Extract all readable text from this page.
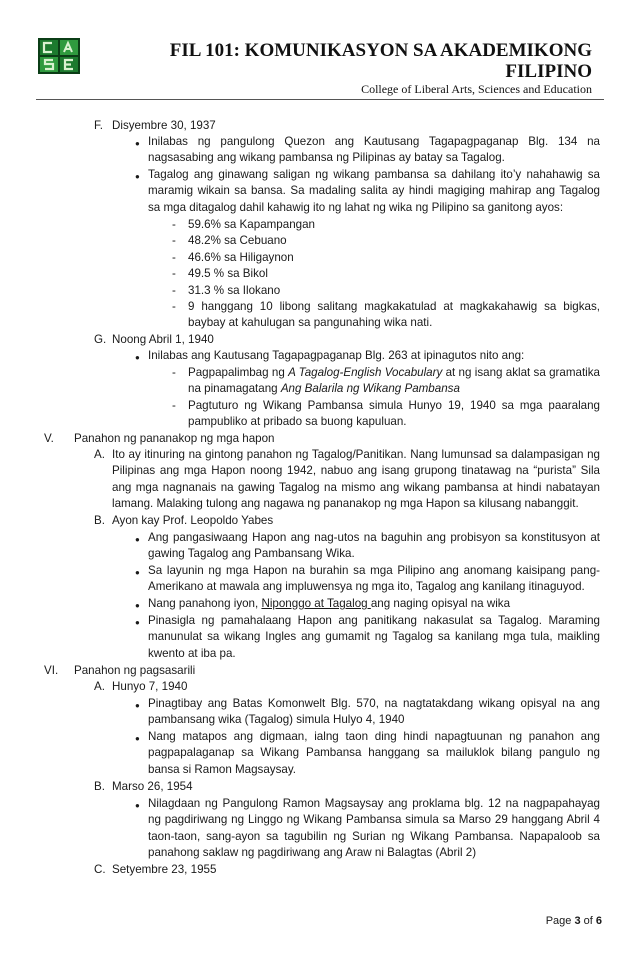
FIL 101: KOMUNIKASYON SA AKADEMIKONG
FILIPINO
College of Liberal Arts, Sciences and Education
F. Disyembre 30, 1937
● Inilabas ng pangulong Quezon ang Kautusang Tagapagpaganap Blg. 134 na nagsasabing ang wikang pambansa ng Pilipinas ay batay sa Tagalog.
● Tagalog ang ginawang saligan ng wikang pambansa sa dahilang ito’y nahahawig sa maramig wikain sa bansa. Sa madaling salita ay hindi magiging mahirap ang Tagalog sa mga ditagalog dahil kahawig ito ng lahat ng wika ng Pilipino sa ganitong ayos:
- 59.6% sa Kapampangan
- 48.2% sa Cebuano
- 46.6% sa Hiligaynon
- 49.5 % sa Bikol
- 31.3 % sa Ilokano
- 9 hanggang 10 libong salitang magkakatulad at magkakahawig sa bigkas, baybay at kahulugan sa pangunahing wika nati.
G. Noong Abril 1, 1940
● Inilabas ang Kautusang Tagapagpaganap Blg. 263 at ipinagutos nito ang:
- Pagpapalimbag ng A Tagalog-English Vocabulary at ng isang aklat sa gramatika na pinamagatang Ang Balarila ng Wikang Pambansa
- Pagtuturo ng Wikang Pambansa simula Hunyo 19, 1940 sa mga paaralang pampubliko at pribado sa buong kapuluan.
V. Panahon ng pananakop ng mga hapon
A. Ito ay itinuring na gintong panahon ng Tagalog/Panitikan. Nang lumunsad sa dalampasigan ng Pilipinas ang mga Hapon noong 1942, nabuo ang isang grupong tinatawag na “purista” Sila ang mga nagnanais na gawing Tagalog na mismo ang wikang pambansa at hindi nabatayan lamang. Malaking tulong ang nagawa ng pananakop ng mga Hapon sa kilusang nabanggit.
B. Ayon kay Prof. Leopoldo Yabes
● Ang pangasiwaang Hapon ang nag-utos na baguhin ang probisyon sa konstitusyon at gawing Tagalog ang Pambansang Wika.
● Sa layunin ng mga Hapon na burahin sa mga Pilipino ang anomang kaisipang pang-Amerikano at mawala ang impluwensya ng mga ito, Tagalog ang kanilang itinaguyod.
● Nang panahong iyon, Niponggo at Tagalog ang naging opisyal na wika
● Pinasigla ng pamahalaang Hapon ang panitikang nakasulat sa Tagalog. Maraming manunulat sa wikang Ingles ang gumamit ng Tagalog sa kanilang mga tula, maikling kwento at iba pa.
VI. Panahon ng pagsasarili
A. Hunyo 7, 1940
● Pinagtibay ang Batas Komonwelt Blg. 570, na nagtatakdang wikang opisyal na ang pambansang wika (Tagalog) simula Hulyo 4, 1940
● Nang matapos ang digmaan, ialng taon ding hindi napagtuunan ng panahon ang pagpapalaganap sa Wikang Pambansa hanggang sa mailuklok bilang pangulo ng bansa si Ramon Magsaysay.
B. Marso 26, 1954
● Nilagdaan ng Pangulong Ramon Magsaysay ang proklama blg. 12 na nagpapahayag ng pagdiriwang ng Linggo ng Wikang Pambansa simula sa Marso 29 hanggang Abril 4 taon-taon, sang-ayon sa tagubilin ng Surian ng Wikang Pambansa. Napapaloob sa panahong saklaw ng pagdiriwang ang Araw ni Balagtas (Abril 2)
C. Setyembre 23, 1955
Page 3 of 6
